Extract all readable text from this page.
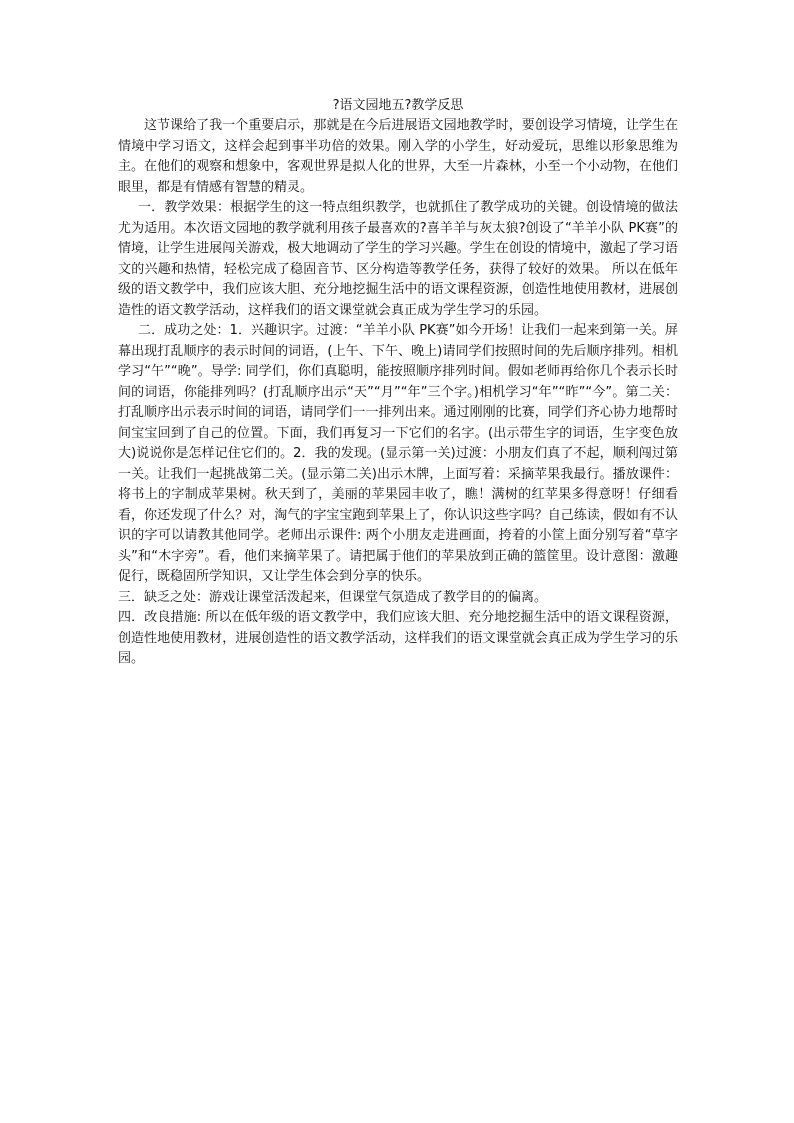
?语文园地五?教学反思

这节课给了我一个重要启示，那就是在今后进展语文园地教学时，要创设学习情境，让学生在情境中学习语文，这样会起到事半功倍的效果。刚入学的小学生，好动爱玩，思维以形象思维为主。在他们的观察和想象中，客观世界是拟人化的世界，大至一片森林，小至一个小动物，在他们眼里，都是有情感有智慧的精灵。

一．教学效果：根据学生的这一特点组织教学，也就抓住了教学成功的关键。创设情境的做法尤为适用。本次语文园地的教学就利用孩子最喜欢的?喜羊羊与灰太狼?创设了“羊羊小队 PK赛”的情境，让学生进展闯关游戏，极大地调动了学生的学习兴趣。学生在创设的情境中，激起了学习语文的兴趣和热情，轻松完成了稳固音节、区分构造等教学任务，获得了较好的效果。 所以在低年级的语文教学中，我们应该大胆、充分地挖掘生活中的语文课程资源，创造性地使用教材，进展创造性的语文教学活动，这样我们的语文课堂就会真正成为学生学习的乐园。

二．成功之处：1．兴趣识字。过渡：“羊羊小队 PK赛”如今开场！让我们一起来到第一关。屏幕出现打乱顺序的表示时间的词语，(上午、下午、晚上)请同学们按照时间的先后顺序排列。相机学习“午”“晚”。导学: 同学们，你们真聪明，能按照顺序排列时间。假如老师再给你几个表示长时间的词语，你能排列吗？(打乱顺序出示“天”“月”“年”三个字。)相机学习“年”“昨”“今”。第二关：打乱顺序出示表示时间的词语，请同学们一一排列出来。通过刚刚的比赛，同学们齐心协力地帮时间宝宝回到了自己的位置。下面，我们再复习一下它们的名字。(出示带生字的词语，生字变色放大)说说你是怎样记住它们的。2．我的发现。(显示第一关)过渡：小朋友们真了不起，顺利闯过第一关。让我们一起挑战第二关。(显示第二关)出示木牌，上面写着：采摘苹果我最行。播放课件：将书上的字制成苹果树。秋天到了，美丽的苹果园丰收了，瞧！满树的红苹果多得意呀！仔细看看，你还发现了什么？对，淘气的字宝宝跑到苹果上了，你认识这些字吗？自己练读，假如有不认识的字可以请教其他同学。老师出示课件: 两个小朋友走进画面，挎着的小筐上面分别写着“草字头”和“木字旁”。看，他们来摘苹果了。请把属于他们的苹果放到正确的篮筐里。设计意图：激趣促行，既稳固所学知识，又让学生体会到分享的快乐。

三．缺乏之处：游戏让课堂活泼起来，但课堂气氛造成了教学目的的偏离。

四．改良措施: 所以在低年级的语文教学中，我们应该大胆、充分地挖掘生活中的语文课程资源，创造性地使用教材，进展创造性的语文教学活动，这样我们的语文课堂就会真正成为学生学习的乐园。
